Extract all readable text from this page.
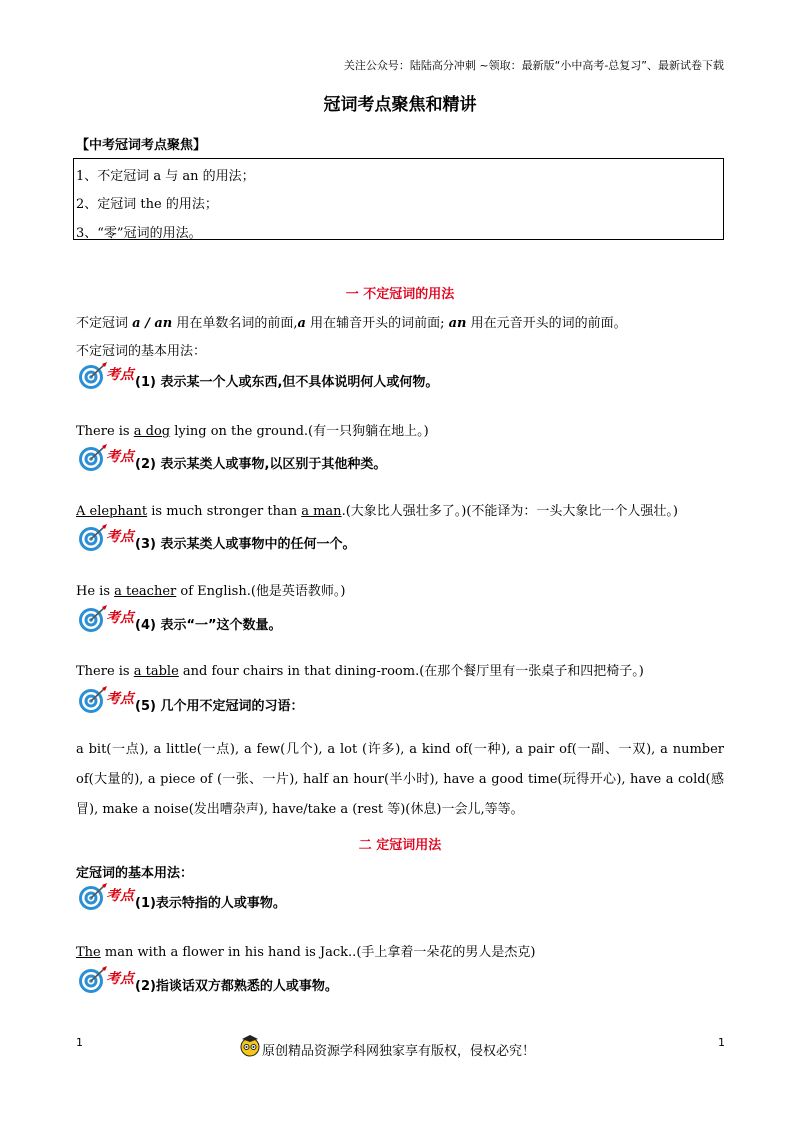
关注公众号：陆陆高分冲刺 ~领取：最新版“小中高考-总复习”、最新试卷下载
冠词考点聚焦和精讲
【中考冠词考点聚焦】
1、不定冠词 a 与 an 的用法；
2、定冠词 the 的用法；
3、“零”冠词的用法。
一 不定冠词的用法
不定冠词 a / an 用在单数名词的前面,a 用在辅音开头的词前面; an 用在元音开头的词的前面。
不定冠词的基本用法：
考点 (1) 表示某一个人或东西,但不具体说明何人或何物。
There is a dog lying on the ground.(有一只狗躺在地上。)
考点 (2) 表示某类人或事物,以区别于其他种类。
A elephant is much stronger than a man.(大象比人强壮多了。)(不能译为：一头大象比一个人强壮。)
考点 (3) 表示某类人或事物中的任何一个。
He is a teacher of English.(他是英语教师。)
考点 (4) 表示“一”这个数量。
There is a table and four chairs in that dining-room.(在那个餐厅里有一张桌子和四把椅子。)
考点 (5) 几个用不定冠词的习语：
a bit(一点), a little(一点), a few(几个), a lot (许多), a kind of(一种), a pair of(一副、一双), a number of(大量的), a piece of (一张、一片), half an hour(半小时), have a good time(玩得开心), have a cold(感冒), make a noise(发出嘈杂声), have/take a (rest 等)(休息)一会儿,等等。
二 定冠词用法
定冠词的基本用法：
考点 (1)表示特指的人或事物。
The man with a flower in his hand is Jack..(手上拿着一朵花的男人是杰克)
考点 (2)指谈话双方都熟悉的人或事物。
1	1
原创精品资源学科网独家享有版权，侵权必究！
